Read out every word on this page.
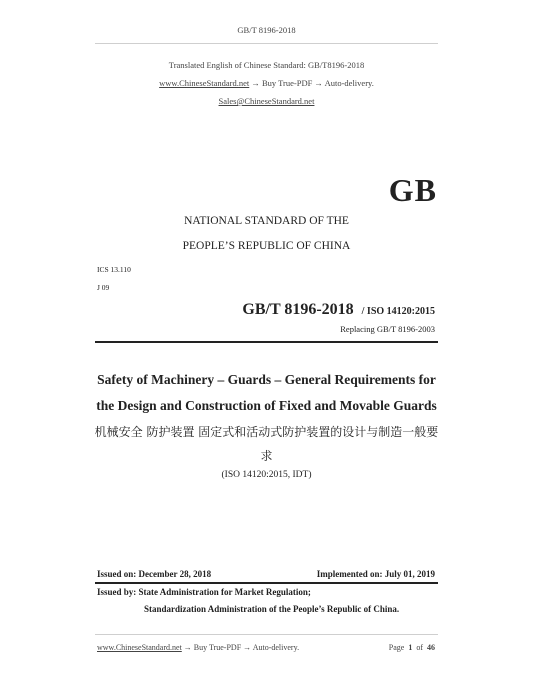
GB/T 8196-2018
Translated English of Chinese Standard: GB/T8196-2018
www.ChineseStandard.net → Buy True-PDF → Auto-delivery.
Sales@ChineseStandard.net
GB
NATIONAL STANDARD OF THE
PEOPLE’S REPUBLIC OF CHINA
ICS 13.110
J 09
GB/T 8196-2018 / ISO 14120:2015
Replacing GB/T 8196-2003
Safety of Machinery – Guards – General Requirements for
the Design and Construction of Fixed and Movable Guards
机械安全 防护装置 固定式和活动式防护装置的设计与制造一般要
求
(ISO 14120:2015, IDT)
Issued on: December 28, 2018	Implemented on: July 01, 2019
Issued by: State Administration for Market Regulation;
Standardization Administration of the People’s Republic of China.
www.ChineseStandard.net → Buy True-PDF → Auto-delivery.	Page 1 of 46
